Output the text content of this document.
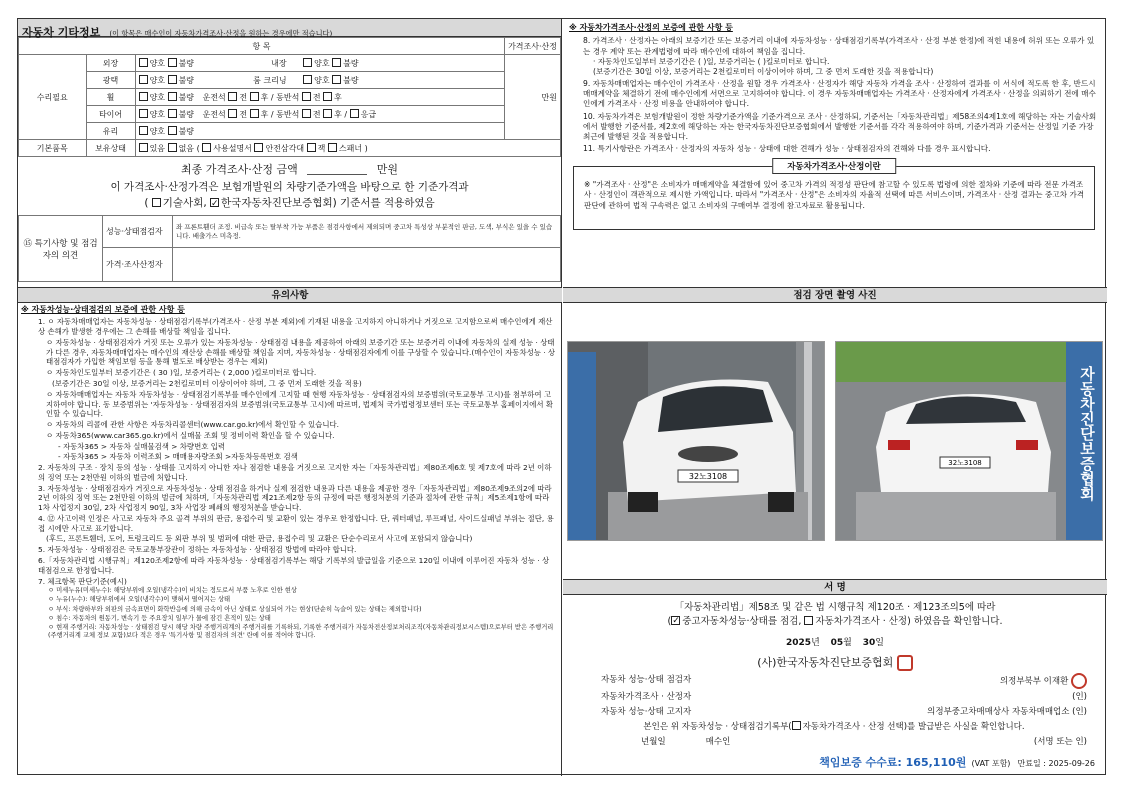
자동차 기타정보 (이 항목은 매수인이 자동차가격조사·산정을 원하는 경우에만 적습니다)
항 목			가격조사·산정
수리필요	외장	양호 불량 내장 양호 불량	만원
	광택	양호 불량 룸 크리닝 양호 불량	
	휠	양호 불량 운전석 전 후 / 동반석 전 후	
	타이어	양호 불량 운전석 전 후 / 동반석 전 후 / 응급	
	유리	양호 불량	
기본품목	보유상태	있음 없음 ( 사용설명서 안전삼각대 잭 스패너 )	
최종 가격조사·산정 금액	만원
이 가격조사·산정가격은 보험개발원의 차량기준가액을 바탕으로 한 기준가격과
( 기술사회, ✓ 한국자동차진단보증협회) 기준서를 적용하였음
⑮ 특기사항 및 점검자의 의견	성능·상태점검자	좌 프론트휀더 조정. 비급속 또는 탈부착 가능 부품은 점검사항에서 제외되며 중고차 특성상 부분적인 판금, 도색, 부식은 있을 수 있습니다. 배출가스 미측정.
	가격·조사산정자	
유의사항
※ 자동차성능·상태점검의 보증에 관한 사항 등

1. ㅇ 자동차매매업자는 자동차성능 · 상태점검기록부(가격조사 · 산정 부분 제외)에 기재된 내용을 고지하지 아니하거나 거짓으로 고지함으로써 매수인에게 재산상 손해가 발생한 경우에는 그 손해를 배상할 책임을 집니다.

ㅇ 자동차성능 · 상태점검자가 거짓 또는 오류가 있는 자동차성능 · 상태점검 내용을 제공하여 아래의 보증기간 또는 보증거리 이내에 자동차의 실제 성능 · 상태가 다른 경우, 자동차매매업자는 매수인의 재산상 손해를 배상할 책임을 지며, 자동차성능 · 상태점검자에게 이를 구상할 수 있습니다.(매수인이 자동차성능 · 상태점검자가 가입한 책임보험 등을 통해 별도로 배상받는 경우는 제외)

ㅇ 자동차인도일부터 보증기간은 ( 30 )일, 보증거리는 ( 2,000 )킬로미터로 합니다.

(보증기간은 30일 이상, 보증거리는 2천킬로미터 이상이어야 하며, 그 중 먼저 도래한 것을 적용)

ㅇ 자동차매매업자는 자동차 자동차성능 · 상태점검기록부를 매수인에게 고지할 때 현행 자동차성능 · 상태점검자의 보증범위(국토교통부 고시)를 첨부하여 고지하여야 합니다. 동 보증범위는 '자동차성능 · 상태점검자의 보증범위(국토교통부 고시)에 따르며, 법제처 국가법령정보센터 또는 국토교통부 홈페이지에서 확인할 수 있습니다.

ㅇ 자동차의 리콜에 관한 사항은 자동차리콜센터(www.car.go.kr)에서 확인할 수 있습니다.

ㅇ 자동차365(www.car365.go.kr)에서 실매물 조회 및 정비이력 확인을 할 수 있습니다.

- 자동차365 > 자동차 실매물검색 > 차량번호 입력

- 자동차365 > 자동차 이력조회 > 매매용자량조회 >자동차등록번호 검색

2. 자동차의 구조 · 장치 등의 성능 · 상태를 고지하지 아니한 자나 점검한 내용을 거짓으로 고지한 자는「자동차관리법」제80조제6호 및 제7호에 따라 2년 이하의 징역 또는 2천만원 이하의 벌금에 처합니다.

3. 자동차성능 · 상태점검자가 거짓으로 자동차성능 · 상태 점검을 하거나 실제 점검한 내용과 다른 내용을 제공한 경우「자동차관리법」제80조제9조의2에 따라 2년 이하의 징역 또는 2천만원 이하의 벌금에 처하며,「자동차관리법 제21조제2항 등의 규정에 따른 행정처분의 기준과 절차에 관한 규칙」제5조제1항에 따라 1차 사업정지 30일, 2차 사업정지 90일, 3차 사업장 폐쇄의 행정처분을 받습니다.

4. ⑫ 사고이력 인정은 사고로 자동차 주요 골격 부위의 판금, 용접수리 및 교환이 있는 경우로 한정합니다. 단, 쿼터패널, 루프패널, 사이드실패널 부위는 절단, 용접 시에만 사고로 표기합니다.

(후드, 프론트휀더, 도어, 트렁크리드 등 외판 부위 및 범퍼에 대한 판금, 용접수리 및 교환은 단순수리로서 사고에 포함되지 않습니다)

5. 자동차성능 · 상태점검은 국토교통부장관이 정하는 자동차성능 · 상태점검 방법에 따라야 합니다.

6.「자동차관리법 시행규칙」제120조제2항에 따라 자동차성능 · 상태점검기록부는 해당 기록부의 발급일을 기준으로 120일 이내에 이루어진 자동차 성능 · 상태점검으로 한정합니다.

7. 체크항목 판단기준(예시)

ㅇ 미세누유(미세누수): 해당부위에 오일(냉각수)이 비치는 정도로서 부품 노후로 인한 현상

ㅇ 누유(누수): 해당부위에서 오일(냉각수)이 맺혀서 떨어지는 상태

ㅇ 부식: 차량하부와 외판의 금속표면이 화학반응에 의해 금속이 아닌 상태로 상실되어 가는 현상(단순히 녹슬어 있는 상태는 제외합니다)

ㅇ 침수: 자동차의 원동기, 변속기 등 주요장치 일부가 물에 잠긴 흔적이 있는 상태

ㅇ 현재 주행거리: 자동차성능 · 상태점검 당시 해당 차량 주행거리계의 주행거리를 기록하되, 기록한 주행거리가 자동차전산정보처리조직(자동차관리정보시스템)으로부터 받은 주행거리(주행거리계 교체 정보 포함)보다 적은 경우 '특기사항 및 점검자의 의견' 란에 이를 적어야 합니다.

※ 자동차가격조사·산정의 보증에 관한 사항 등

8. 가격조사 · 산정자는 아래의 보증기간 또는 보증거리 이내에 자동차성능 · 상태점검기록부(가격조사 · 산정 부분 한정)에 적힌 내용에 허위 또는 오류가 있는 경우 계약 또는 관계법령에 따라 매수인에 대하여 책임을 집니다.

· 자동차인도일부터 보증기간은 ( )일, 보증거리는 ( )킬로미터로 합니다.

(보증기간은 30일 이상, 보증거리는 2천킬로미터 이상이어야 하며, 그 중 먼저 도래한 것을 적용합니다)

9. 자동차매매업자는 매수인이 가격조사 · 산정을 원할 경우 가격조사 · 산정자가 해당 자동차 가격을 조사 · 산정하여 결과를 이 서식에 적도록 한 후, 반드시 매매계약을 체결하기 전에 매수인에게 서면으로 고지하여야 합니다. 이 경우 자동차매매업자는 가격조사 · 산정자에게 가격조사 · 산정을 의뢰하기 전에 매수인에게 가격조사 · 산정 비용을 안내하여야 합니다.

10. 자동차가격은 보험개발원이 정한 차량기준가액을 기준가격으로 조사 · 산정하되, 기준서는「자동차관리법」제58조의4제1호에 해당하는 자는 기술사회에서 발행한 기준서를, 제2호에 해당하는 자는 한국자동차진단보증협회에서 발행한 기준서를 각각 적용하여야 하며, 기준가격과 기준서는 산정일 기준 가장 최근에 발행된 것을 적용합니다.

11. 특기사항란은 가격조사 · 산정자의 자동차 성능 · 상태에 대한 견해가 성능 · 상태점검자의 견해와 다를 경우 표시합니다.

자동차가격조사·산정이란
※ "가격조사 · 산정"은 소비자가 매매계약을 체결함에 있어 중고차 가격의 적정성 판단에 참고할 수 있도록 법령에 의한 절차와 기준에 따라 전문 가격조사 · 산정인이 객관적으로 제시한 가액입니다. 따라서 "가격조사 · 산정"은 소비자의 자율적 선택에 따른 서비스이며, 가격조사 · 산정 결과는 중고차 가격판단에 관하여 법적 구속력은 없고 소비자의 구매여부 결정에 참고자료로 활용됩니다.
점검 장면 촬영 사진
32노3108
32노3108	자동차진단보증협회
서 명
「자동차관리법」제58조 및 같은 법 시행규칙 제120조 · 제123조의5에 따라
( ✓ 중고자동차성능·상태를 점검, 자동차가격조사 · 산정) 하였음을 확인합니다.
2025년 05월 30일
(사)한국자동차진단보증협회
자동차 성능·상태 점검자	의정부북부 이재환
자동차가격조사 · 산정자	(인)
자동차 성능·상태 고지자	의정부중고차매매상사 자동차매매업소 (인)
본인은 위 자동차성능 · 상태점검기록부( 자동차가격조사 · 산정 선택)를 발급받은 사실을 확인합니다.
년 월 일	매수인	(서명 또는 인)
책임보증 수수료: 165,110원 (VAT 포함) 만료일 : 2025-09-26
